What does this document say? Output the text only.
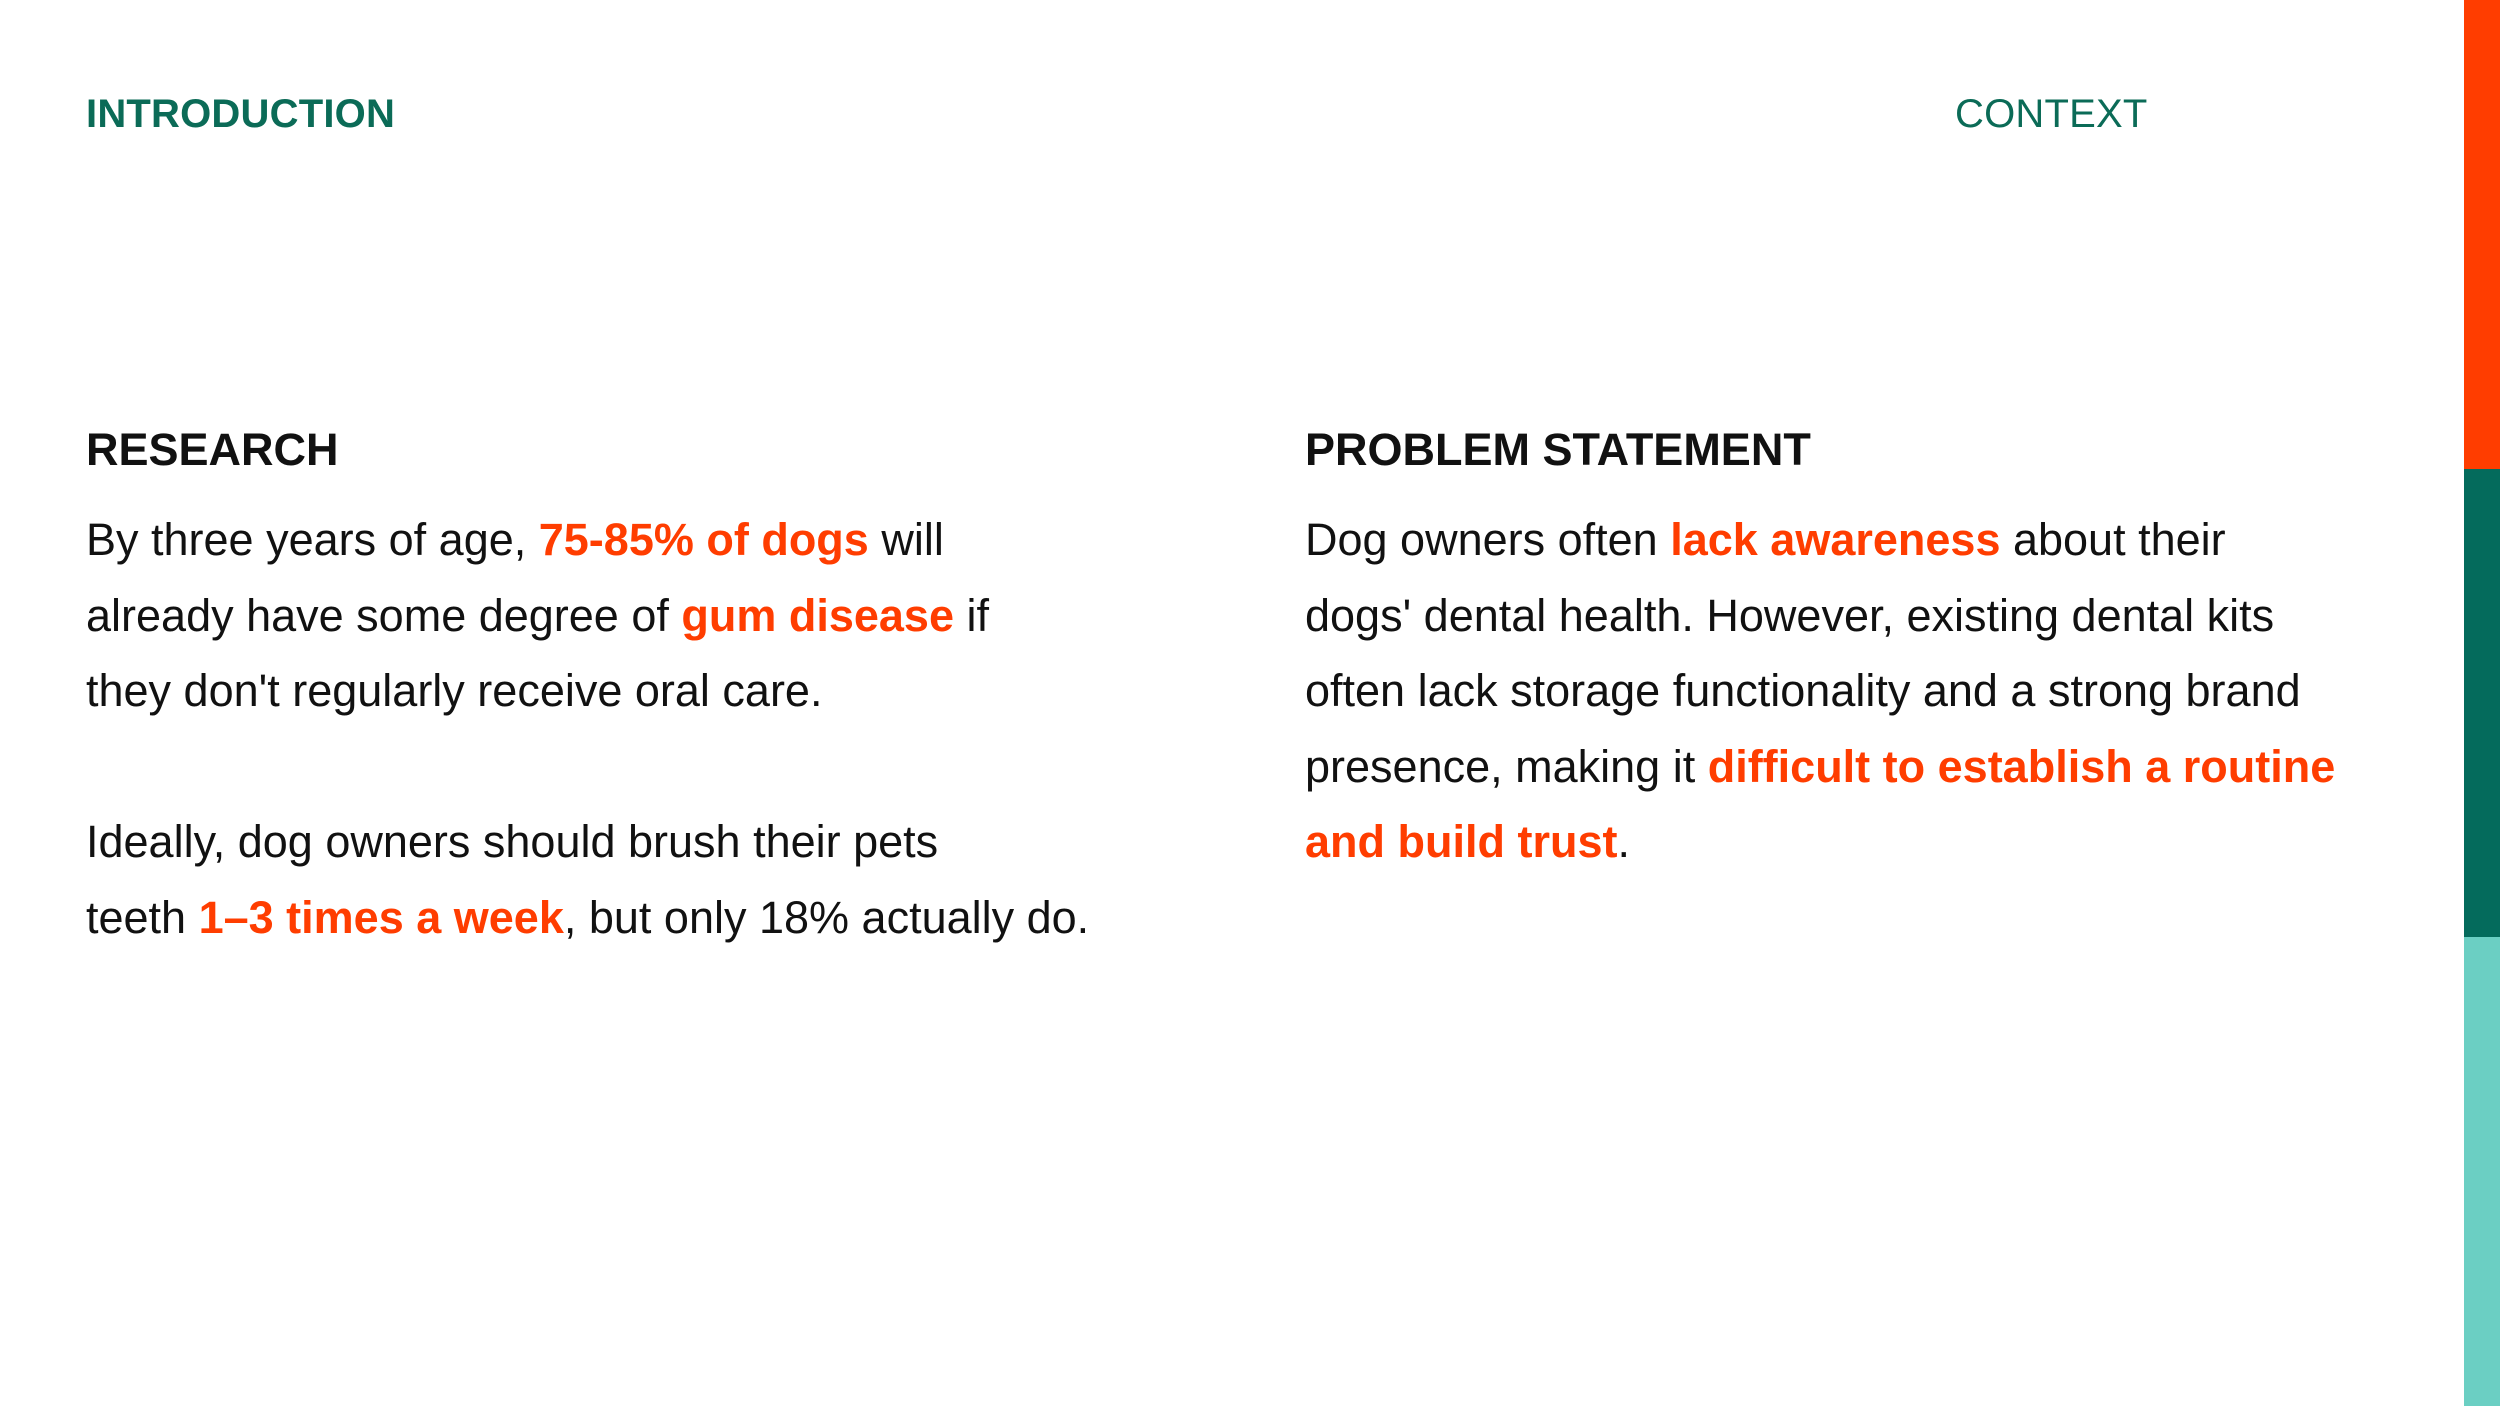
INTRODUCTION	CONTEXT
RESEARCH

By three years of age, 75-85% of dogs will
already have some degree of gum disease if
they don't regularly receive oral care.

Ideally, dog owners should brush their pets
teeth 1–3 times a week, but only 18% actually do.

PROBLEM STATEMENT

Dog owners often lack awareness about their
dogs' dental health. However, existing dental kits
often lack storage functionality and a strong brand
presence, making it difficult to establish a routine
and build trust.
